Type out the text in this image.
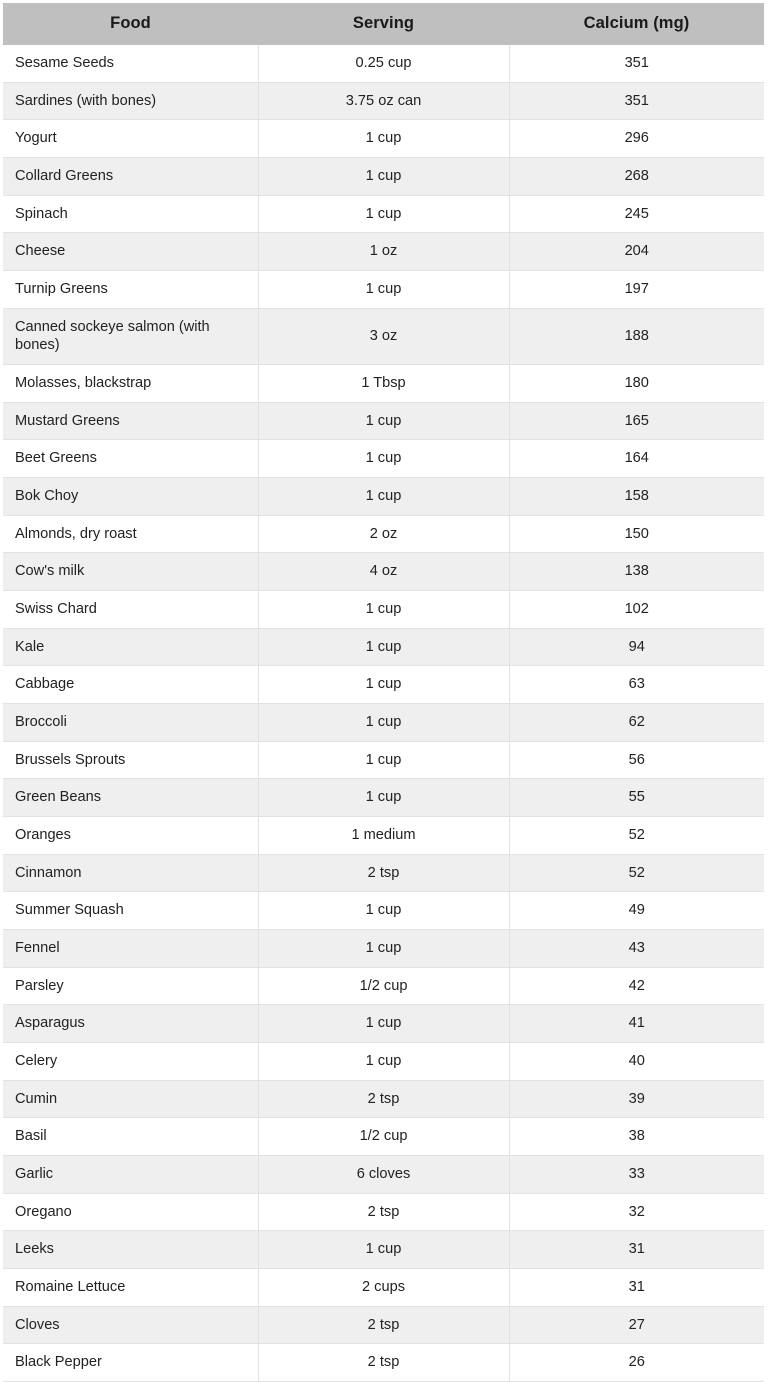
Food	Serving	Calcium (mg)
Sesame Seeds	0.25 cup	351
Sardines (with bones)	3.75 oz can	351
Yogurt	1 cup	296
Collard Greens	1 cup	268
Spinach	1 cup	245
Cheese	1 oz	204
Turnip Greens	1 cup	197
Canned sockeye salmon (with bones)	3 oz	188
Molasses, blackstrap	1 Tbsp	180
Mustard Greens	1 cup	165
Beet Greens	1 cup	164
Bok Choy	1 cup	158
Almonds, dry roast	2 oz	150
Cow's milk	4 oz	138
Swiss Chard	1 cup	102
Kale	1 cup	94
Cabbage	1 cup	63
Broccoli	1 cup	62
Brussels Sprouts	1 cup	56
Green Beans	1 cup	55
Oranges	1 medium	52
Cinnamon	2 tsp	52
Summer Squash	1 cup	49
Fennel	1 cup	43
Parsley	1/2 cup	42
Asparagus	1 cup	41
Celery	1 cup	40
Cumin	2 tsp	39
Basil	1/2 cup	38
Garlic	6 cloves	33
Oregano	2 tsp	32
Leeks	1 cup	31
Romaine Lettuce	2 cups	31
Cloves	2 tsp	27
Black Pepper	2 tsp	26
